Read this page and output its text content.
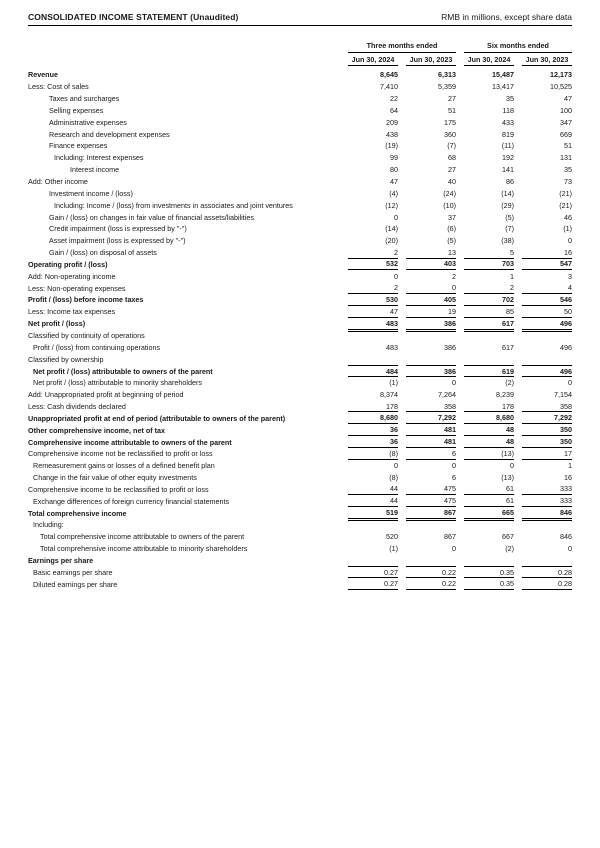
CONSOLIDATED INCOME STATEMENT (Unaudited)	RMB in millions, except share data
Three months ended	Six months ended
Jun 30, 2024	Jun 30, 2023	Jun 30, 2024	Jun 30, 2023
Revenue	8,645	6,313	15,487	12,173
Less: Cost of sales	7,410	5,359	13,417	10,525
Taxes and surcharges	22	27	35	47
Selling expenses	64	51	118	100
Administrative expenses	209	175	433	347
Research and development expenses	438	360	819	669
Finance expenses	(19)	(7)	(11)	51
Including: Interest expenses	99	68	192	131
Interest income	80	27	141	35
Add: Other income	47	40	86	73
Investment income / (loss)	(4)	(24)	(14)	(21)
Including: Income / (loss) from investments in associates and joint ventures	(12)	(10)	(29)	(21)
Gain / (loss) on changes in fair value of financial assets/liabilities	0	37	(5)	46
Credit impairment (loss is expressed by "-")	(14)	(6)	(7)	(1)
Asset impairment (loss is expressed by "-")	(20)	(5)	(38)	0
Gain / (loss) on disposal of assets	2	13	5	16
Operating profit / (loss)	532	403	703	547
Add: Non-operating income	0	2	1	3
Less: Non-operating expenses	2	0	2	4
Profit / (loss) before income taxes	530	405	702	546
Less: Income tax expenses	47	19	85	50
Net profit / (loss)	483	386	617	496
Classified by continuity of operations
Profit / (loss) from continuing operations	483	386	617	496
Classified by ownership
Net profit / (loss) attributable to owners of the parent	484	386	619	496
Net profit / (loss) attributable to minority shareholders	(1)	0	(2)	0
Add: Unappropriated profit at beginning of period	8,374	7,264	8,239	7,154
Less: Cash dividends declared	178	358	178	358
Unappropriated profit at end of period (attributable to owners of the parent)	8,680	7,292	8,680	7,292
Other comprehensive income, net of tax	36	481	48	350
Comprehensive income attributable to owners of the parent	36	481	48	350
Comprehensive income not be reclassified to profit or loss	(8)	6	(13)	17
Remeasurement gains or losses of a defined benefit plan	0	0	0	1
Change in the fair value of other equity investments	(8)	6	(13)	16
Comprehensive income to be reclassified to profit or loss	44	475	61	333
Exchange differences of foreign currency financial statements	44	475	61	333
Total comprehensive income	519	867	665	846
Including:
Total comprehensive income attributable to owners of the parent	520	867	667	846
Total comprehensive income attributable to minority shareholders	(1)	0	(2)	0
Earnings per share
Basic earnings per share	0.27	0.22	0.35	0.28
Diluted earnings per share	0.27	0.22	0.35	0.28
